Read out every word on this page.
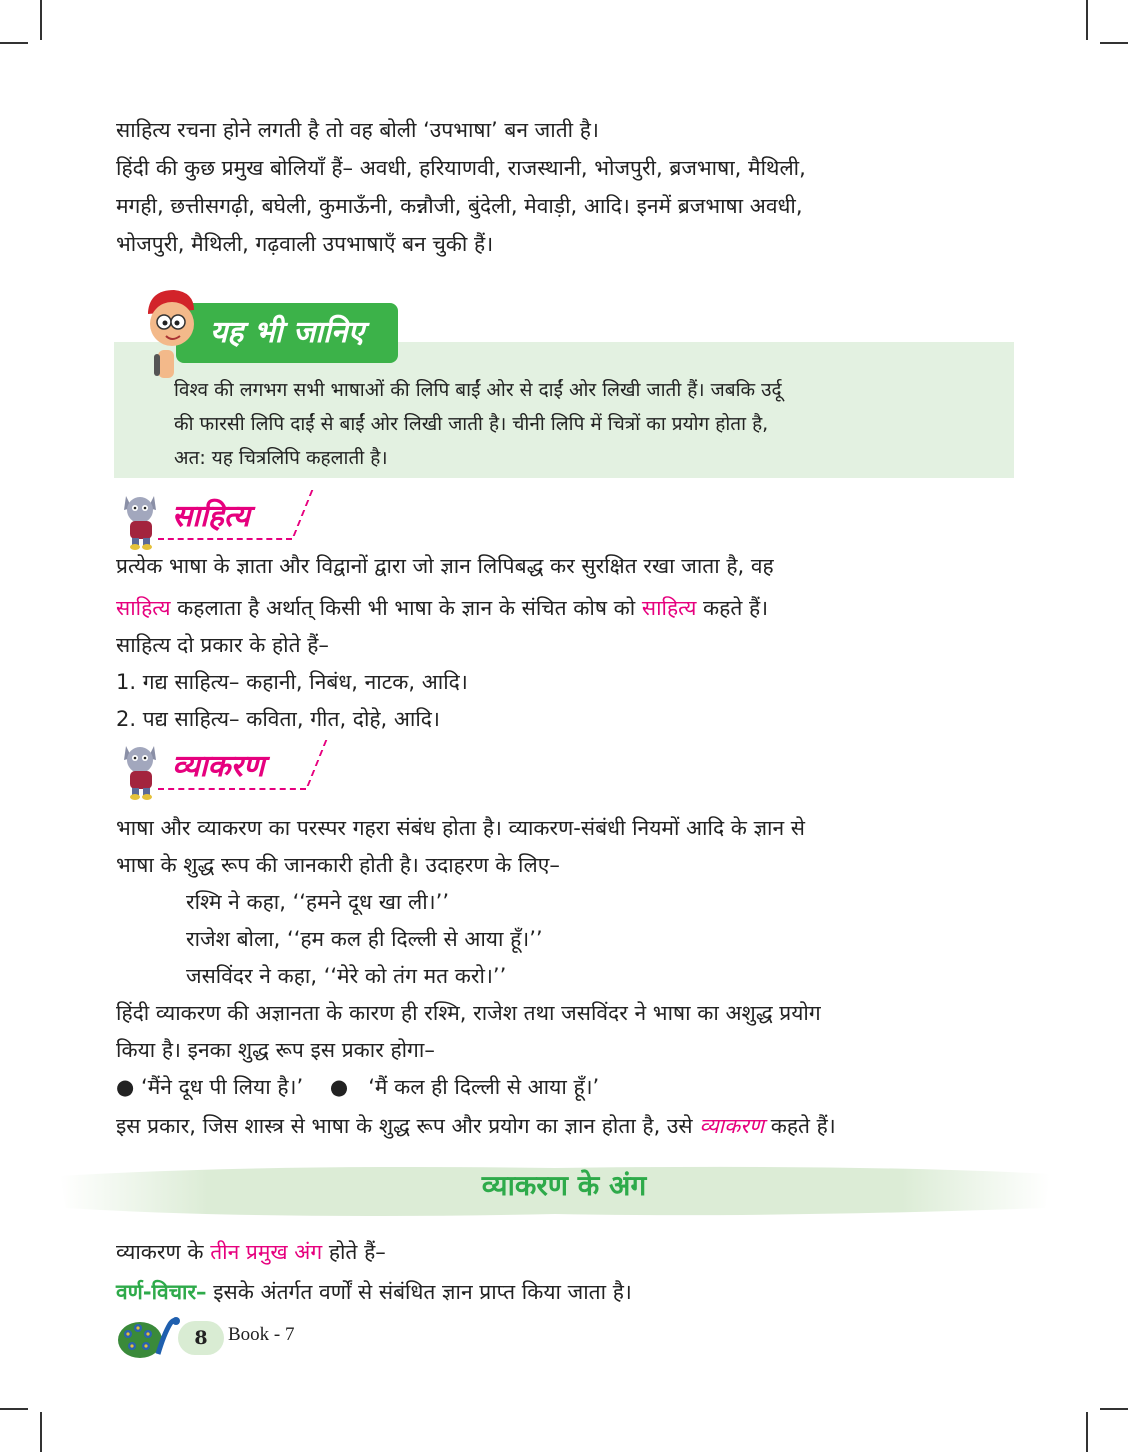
साहित्य रचना होने लगती है तो वह बोली ‘उपभाषा’ बन जाती है।
हिंदी की कुछ प्रमुख बोलियाँ हैं– अवधी, हरियाणवी, राजस्थानी, भोजपुरी, ब्रजभाषा, मैथिली,
मगही, छत्तीसगढ़ी, बघेली, कुमाऊँनी, कन्नौजी, बुंदेली, मेवाड़ी, आदि। इनमें ब्रजभाषा अवधी,
भोजपुरी, मैथिली, गढ़वाली उपभाषाएँ बन चुकी हैं।
यह भी जानिए
विश्व की लगभग सभी भाषाओं की लिपि बाईं ओर से दाईं ओर लिखी जाती हैं। जबकि उर्दू
की फारसी लिपि दाईं से बाईं ओर लिखी जाती है। चीनी लिपि में चित्रों का प्रयोग होता है,
अत: यह चित्रलिपि कहलाती है।
साहित्य
प्रत्येक भाषा के ज्ञाता और विद्वानों द्वारा जो ज्ञान लिपिबद्ध कर सुरक्षित रखा जाता है, वह
साहित्य कहलाता है अर्थात् किसी भी भाषा के ज्ञान के संचित कोष को साहित्य कहते हैं।
साहित्य दो प्रकार के होते हैं–
1. गद्य साहित्य– कहानी, निबंध, नाटक, आदि।
2. पद्य साहित्य– कविता, गीत, दोहे, आदि।
व्याकरण
भाषा और व्याकरण का परस्पर गहरा संबंध होता है। व्याकरण-संबंधी नियमों आदि के ज्ञान से
भाषा के शुद्ध रूप की जानकारी होती है। उदाहरण के लिए–
रश्मि ने कहा, ‘‘हमने दूध खा ली।’’
राजेश बोला, ‘‘हम कल ही दिल्ली से आया हूँ।’’
जसविंदर ने कहा, ‘‘मेरे को तंग मत करो।’’
हिंदी व्याकरण की अज्ञानता के कारण ही रश्मि, राजेश तथा जसविंदर ने भाषा का अशुद्ध प्रयोग
किया है। इनका शुद्ध रूप इस प्रकार होगा–
● ‘मैंने दूध पी लिया है।’ ● ‘मैं कल ही दिल्ली से आया हूँ।’
इस प्रकार, जिस शास्त्र से भाषा के शुद्ध रूप और प्रयोग का ज्ञान होता है, उसे व्याकरण कहते हैं।
व्याकरण के अंग
व्याकरण के तीन प्रमुख अंग होते हैं–
वर्ण-विचार– इसके अंतर्गत वर्णों से संबंधित ज्ञान प्राप्त किया जाता है।
8	Book - 7
